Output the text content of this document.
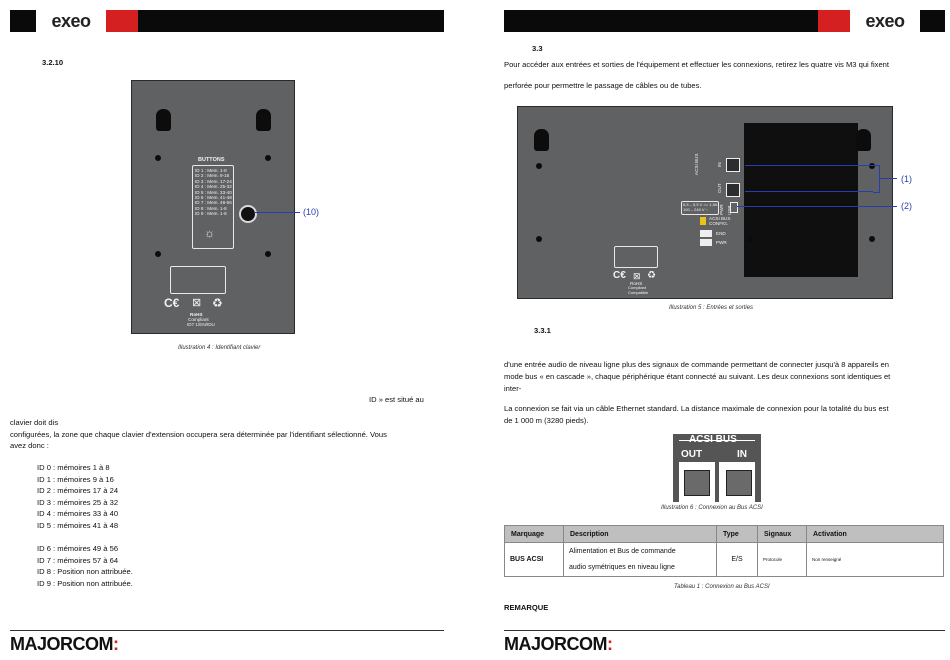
exeo
3.2.10
BUTTONS
ID 1 : Mem. 1-8
ID 2 : Mem. 9-16
ID 3 : Mem. 17-24
ID 4 : Mem. 25-32
ID 5 : Mem. 33-40
ID 6 : Mem. 41-48
ID 7 : Mem. 49-56
ID 8 : Mem. 1-8
ID 9 : Mem. 1-8
☼
C€ ⊠ ♻
RoHS
Compliant
ID7 1/EN/IDU
(10)
Illustration 4 : Identifiant clavier
ID » est situé au
clavier doit dis
configurées, la zone que chaque clavier d'extension occupera sera déterminée par l'identifiant sélectionné. Vous
avez donc :
ID 0 : mémoires 1 à 8
ID 1 : mémoires 9 à 16
ID 2 : mémoires 17 à 24
ID 3 : mémoires 25 à 32
ID 4 : mémoires 33 à 40
ID 5 : mémoires 41 à 48
ID 6 : mémoires 49 à 56
ID 7 : mémoires 57 à 64
ID 8 : Position non attribuée.
ID 9 : Position non attribuée.
MAJORCOM:
exeo
3.3
Pour accéder aux entrées et sorties de l'équipement et effectuer les connexions, retirez les quatre vis M3 qui fixent
perforée pour permettre le passage de câbles ou de tubes.
ACSI BUS	IN
OUT
6,5 – 5,5 V == 1,5A
100 – 240 V ~	PWR USB
ACSI BUS
CONFIG.
END
PWR
C€ ⊠ ♻
RoHS
Compliant
Compatible
(1)
(2)
Illustration 5 : Entrées et sorties
3.3.1
d'une entrée audio de niveau ligne plus des signaux de commande permettant de connecter jusqu'à 8 appareils en
mode bus « en cascade », chaque périphérique étant connecté au suivant. Les deux connexions sont identiques et
inter-
La connexion se fait via un câble Ethernet standard. La distance maximale de connexion pour la totalité du bus est
de 1 000 m (3280 pieds).
ACSI BUS
OUT	IN
Illustration 6 : Connexion au Bus ACSI
Marquage	Description	Type	Signaux	Activation
BUS ACSI	Alimentation et Bus de commande
audio symétriques en niveau ligne	E/S	Protocole	Non renseigné
Tableau 1 : Connexion au Bus ACSI
REMARQUE
MAJORCOM:
